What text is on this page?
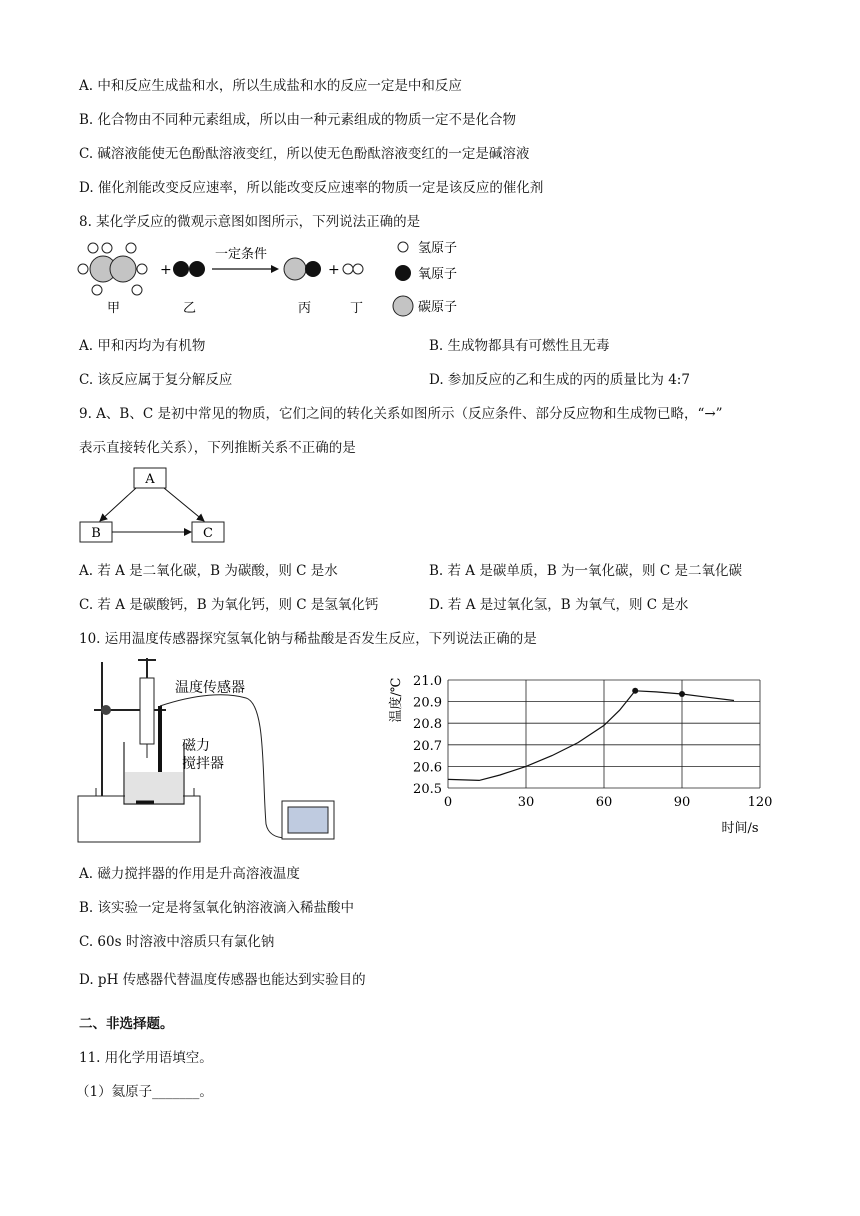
A. 中和反应生成盐和水，所以生成盐和水的反应一定是中和反应
B. 化合物由不同种元素组成，所以由一种元素组成的物质一定不是化合物
C. 碱溶液能使无色酚酞溶液变红，所以使无色酚酞溶液变红的一定是碱溶液
D. 催化剂能改变反应速率，所以能改变反应速率的物质一定是该反应的催化剂
8. 某化学反应的微观示意图如图所示，下列说法正确的是
+
一定条件
+
甲	乙	丙	丁
氢原子
氧原子
碳原子
A. 甲和丙均为有机物	B. 生成物都具有可燃性且无毒
C. 该反应属于复分解反应	D. 参加反应的乙和生成的丙的质量比为 4:7
9. A、B、C 是初中常见的物质，它们之间的转化关系如图所示（反应条件、部分反应物和生成物已略，“→”
表示直接转化关系），下列推断关系不正确的是
A
B	C
A. 若 A 是二氧化碳，B 为碳酸，则 C 是水	B. 若 A 是碳单质，B 为一氧化碳，则 C 是二氧化碳
C. 若 A 是碳酸钙，B 为氧化钙，则 C 是氢氧化钙	D. 若 A 是过氧化氢，B 为氧气，则 C 是水
10. 运用温度传感器探究氢氧化钠与稀盐酸是否发生反应，下列说法正确的是
温度传感器
磁力
搅拌器
20.5
20.6
20.7
20.8
20.9
21.0
0	30	60	90	120
温度/℃
时间/s
A. 磁力搅拌器的作用是升高溶液温度
B. 该实验一定是将氢氧化钠溶液滴入稀盐酸中
C. 60s 时溶液中溶质只有氯化钠
D. pH 传感器代替温度传感器也能达到实验目的
二、非选择题。
11. 用化学用语填空。
（1）氦原子_______。
